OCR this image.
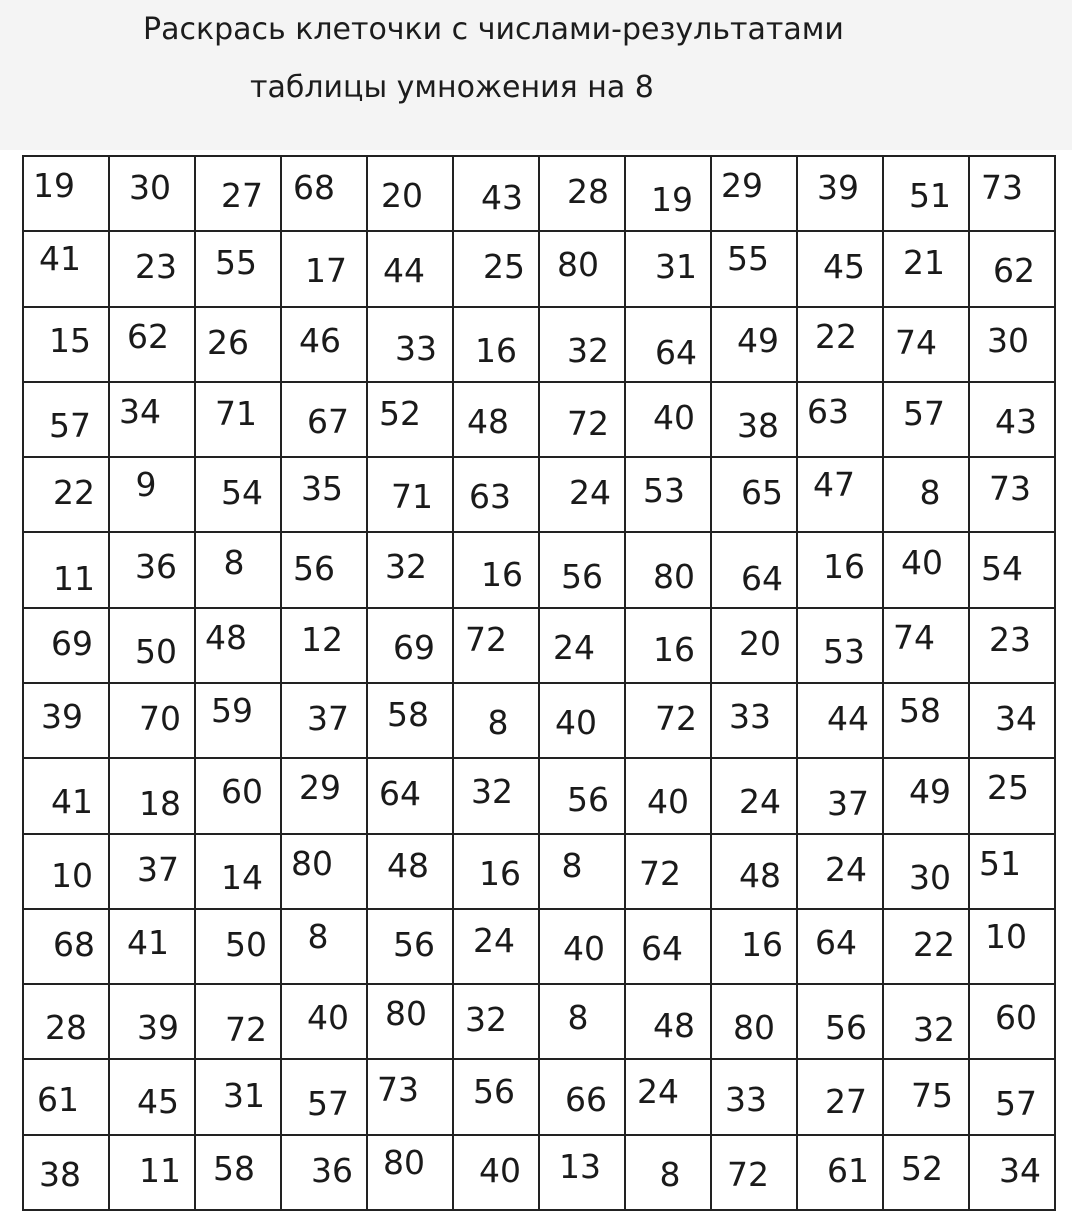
Раскрась клеточки с числами-результатами
таблицы умножения на 8
19 30 27 68 20 43 28 19 29 39 51 73
41 23 55 17 44 25 80 31 55 45 21 62
15 62 26 46 33 16 32 64 49 22 74 30
57 34 71 67 52 48 72 40 38 63 57 43
22 9 54 35 71 63 24 53 65 47 8 73
11 36 8 56 32 16 56 80 64 16 40 54
69 50 48 12 69 72 24 16 20 53 74 23
39 70 59 37 58 8 40 72 33 44 58 34
41 18 60 29 64 32 56 40 24 37 49 25
10 37 14 80 48 16 8 72 48 24 30 51
68 41 50 8 56 24 40 64 16 64 22 10
28 39 72 40 80 32 8 48 80 56 32 60
61 45 31 57 73 56 66 24 33 27 75 57
38 11 58 36 80 40 13 8 72 61 52 34
